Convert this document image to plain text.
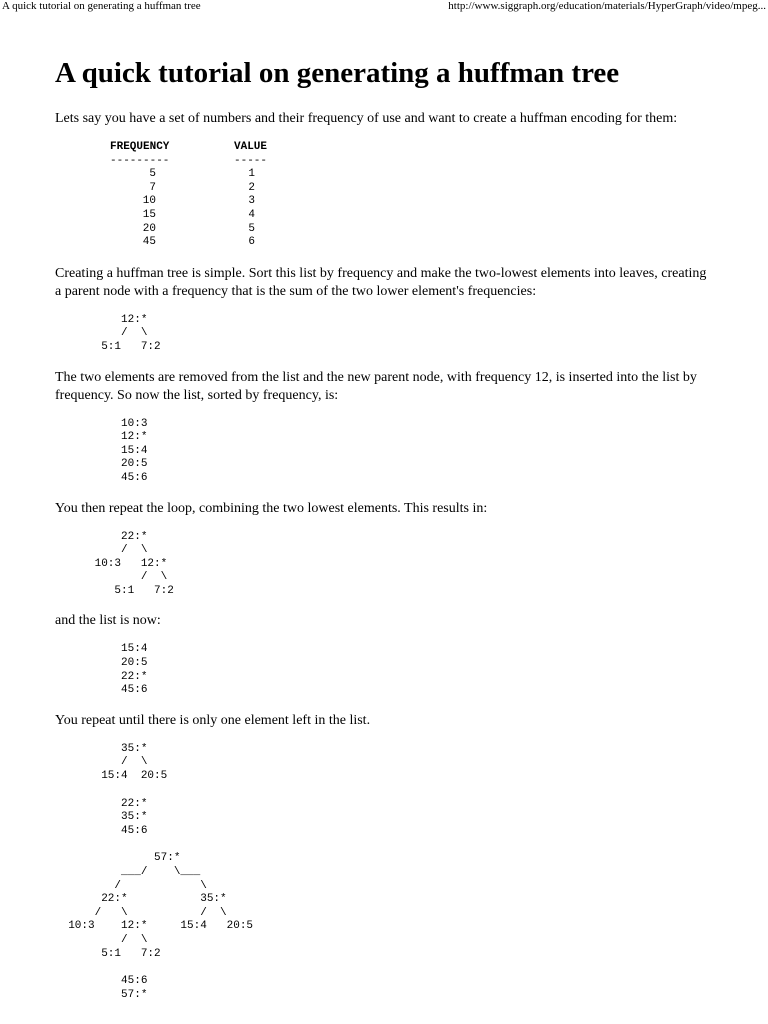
A quick tutorial on generating a huffman tree	http://www.siggraph.org/education/materials/HyperGraph/video/mpeg...
A quick tutorial on generating a huffman tree

Lets say you have a set of numbers and their frequency of use and want to create a huffman encoding for them:

FREQUENCY	VALUE
---------	-----
5	1
7	2
10	3
15	4
20	5
45	6

Creating a huffman tree is simple. Sort this list by frequency and make the two-lowest elements into leaves, creating a parent node with a frequency that is the sum of the two lower element's frequencies:

12:*
/  \
5:1   7:2

The two elements are removed from the list and the new parent node, with frequency 12, is inserted into the list by frequency. So now the list, sorted by frequency, is:

10:3
12:*
15:4
20:5
45:6

You then repeat the loop, combining the two lowest elements. This results in:

22:*
/  \
10:3   12:*
/  \
5:1   7:2

and the list is now:

15:4
20:5
22:*
45:6

You repeat until there is only one element left in the list.

35:*
/  \
15:4  20:5
22:*
35:*
45:6
57:*
___/    \___
/            \
22:*           35:*
/   \           /  \
10:3    12:*     15:4   20:5
/  \
5:1   7:2
45:6
57:*
